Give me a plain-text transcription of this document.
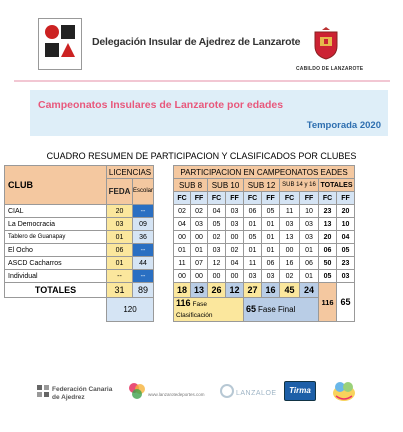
Delegación Insular de Ajedrez de Lanzarote
CABILDO DE LANZAROTE
Campeonatos Insulares de Lanzarote por edades
Temporada 2020
CUADRO RESUMEN DE PARTICIPACION Y CLASIFICADOS POR CLUBES
CLUB	LICENCIAS			PARTICIPACION EN CAMPEONATOS EADES									
	FEDA	Escolar		SUB 8		SUB 10		SUB 12		SUB 14 y 16		TOTALES	
				FC	FF	FC	FF	FC	FF	FC	FF	FC	FF
CIAL	20	--		02	02	04	03	06	05	11	10	23	20
La Democracia	03	09		04	03	05	03	01	01	03	03	13	10
Tablero de Guanapay	01	36		00	00	02	00	05	01	13	03	20	04
El Ocho	06	--		01	01	03	02	01	01	00	01	06	05
ASCD Cacharros	01	44		11	07	12	04	11	06	16	06	50	23
Individual	--	--		00	00	00	00	03	03	02	01	05	03
TOTALES	31	89		18	13	26	12	27	16	45	24	116	65
	120			116 Fase Clasificación				65 Fase Final					
Federación Canaria
de Ajedrez	www.lanzarotedeportes.com	LANZALOE	Tirma
